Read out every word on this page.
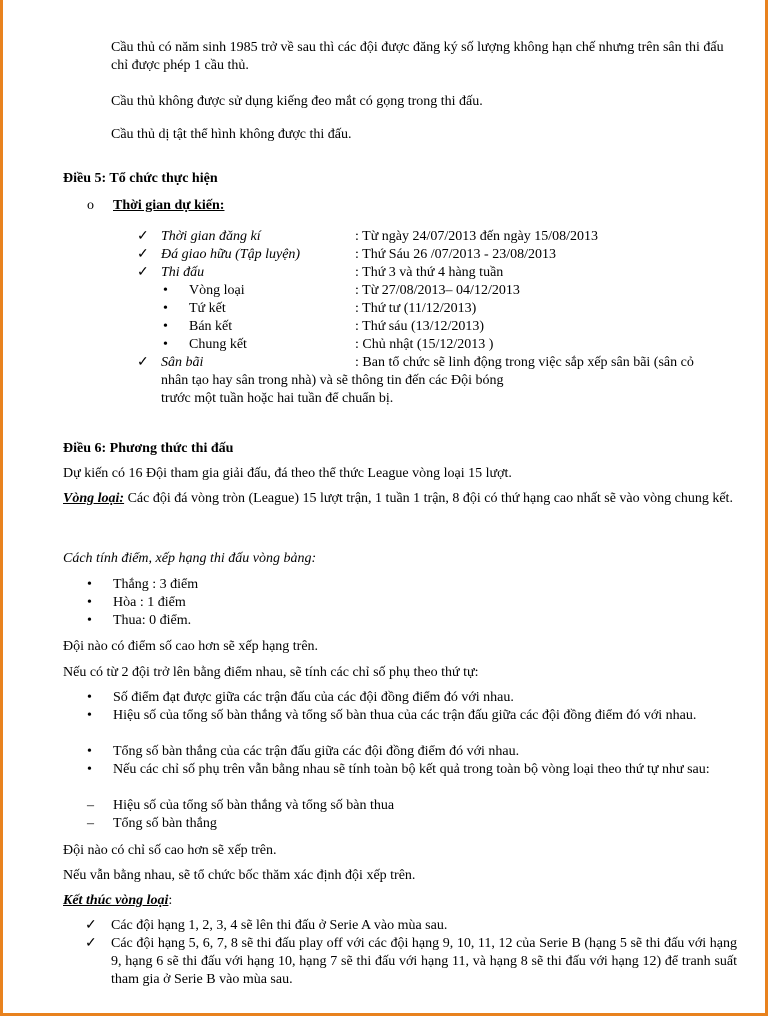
Cầu thủ có năm sinh 1985 trở về sau thì các đội được đăng ký số lượng không hạn chế nhưng trên sân thi đấu chỉ được phép 1 cầu thủ.

Cầu thủ không được sử dụng kiếng đeo mắt có gọng trong thi đấu.

Cầu thủ dị tật thể hình không được thi đấu.

Điều 5: Tổ chức thực hiện

o Thời gian dự kiến:
✓ Thời gian đăng kí	: Từ ngày 24/07/2013 đến ngày 15/08/2013
✓ Đá giao hữu (Tập luyện)	: Thứ Sáu 26 /07/2013 - 23/08/2013
✓ Thi đấu	: Thứ 3 và thứ 4 hàng tuần
• Vòng loại	: Từ 27/08/2013– 04/12/2013
• Tứ kết	: Thứ tư (11/12/2013)
• Bán kết	: Thứ sáu (13/12/2013)
• Chung kết	: Chủ nhật (15/12/2013 )
✓ Sân bãi	: Ban tổ chức sẽ linh động trong việc sắp xếp sân bãi (sân cỏ
nhân tạo hay sân trong nhà) và sẽ thông tin đến các Đội bóng
trước một tuần hoặc hai tuần để chuẩn bị.

Điều 6: Phương thức thi đấu

Dự kiến có 16 Đội tham gia giải đấu, đá theo thể thức League vòng loại 15 lượt.

Vòng loại: Các đội đá vòng tròn (League) 15 lượt trận, 1 tuần 1 trận, 8 đội có thứ hạng cao nhất sẽ vào vòng chung kết.

Cách tính điểm, xếp hạng thi đấu vòng bảng:

•	Thắng : 3 điểm
•	Hòa : 1 điểm
•	Thua: 0 điểm.

Đội nào có điểm số cao hơn sẽ xếp hạng trên.

Nếu có từ 2 đội trở lên bằng điểm nhau, sẽ tính các chỉ số phụ theo thứ tự:

•	Số điểm đạt được giữa các trận đấu của các đội đồng điểm đó với nhau.
•	Hiệu số của tổng số bàn thắng và tổng số bàn thua của các trận đấu giữa các đội đồng điểm đó với nhau.
•	Tổng số bàn thắng của các trận đấu giữa các đội đồng điểm đó với nhau.
•	Nếu các chỉ số phụ trên vẫn bằng nhau sẽ tính toàn bộ kết quả trong toàn bộ vòng loại theo thứ tự như sau:
–	Hiệu số của tổng số bàn thắng và tổng số bàn thua
–	Tổng số bàn thắng

Đội nào có chỉ số cao hơn sẽ xếp trên.

Nếu vẫn bằng nhau, sẽ tổ chức bốc thăm xác định đội xếp trên.

Kết thúc vòng loại:

✓	Các đội hạng 1, 2, 3, 4 sẽ lên thi đấu ở Serie A vào mùa sau.
✓	Các đội hạng 5, 6, 7, 8 sẽ thi đấu play off với các đội hạng 9, 10, 11, 12 của Serie B (hạng 5 sẽ thi đấu với hạng 9, hạng 6 sẽ thi đấu với hạng 10, hạng 7 sẽ thi đấu với hạng 11, và hạng 8 sẽ thi đấu với hạng 12) để tranh suất tham gia ở Serie B vào mùa sau.
